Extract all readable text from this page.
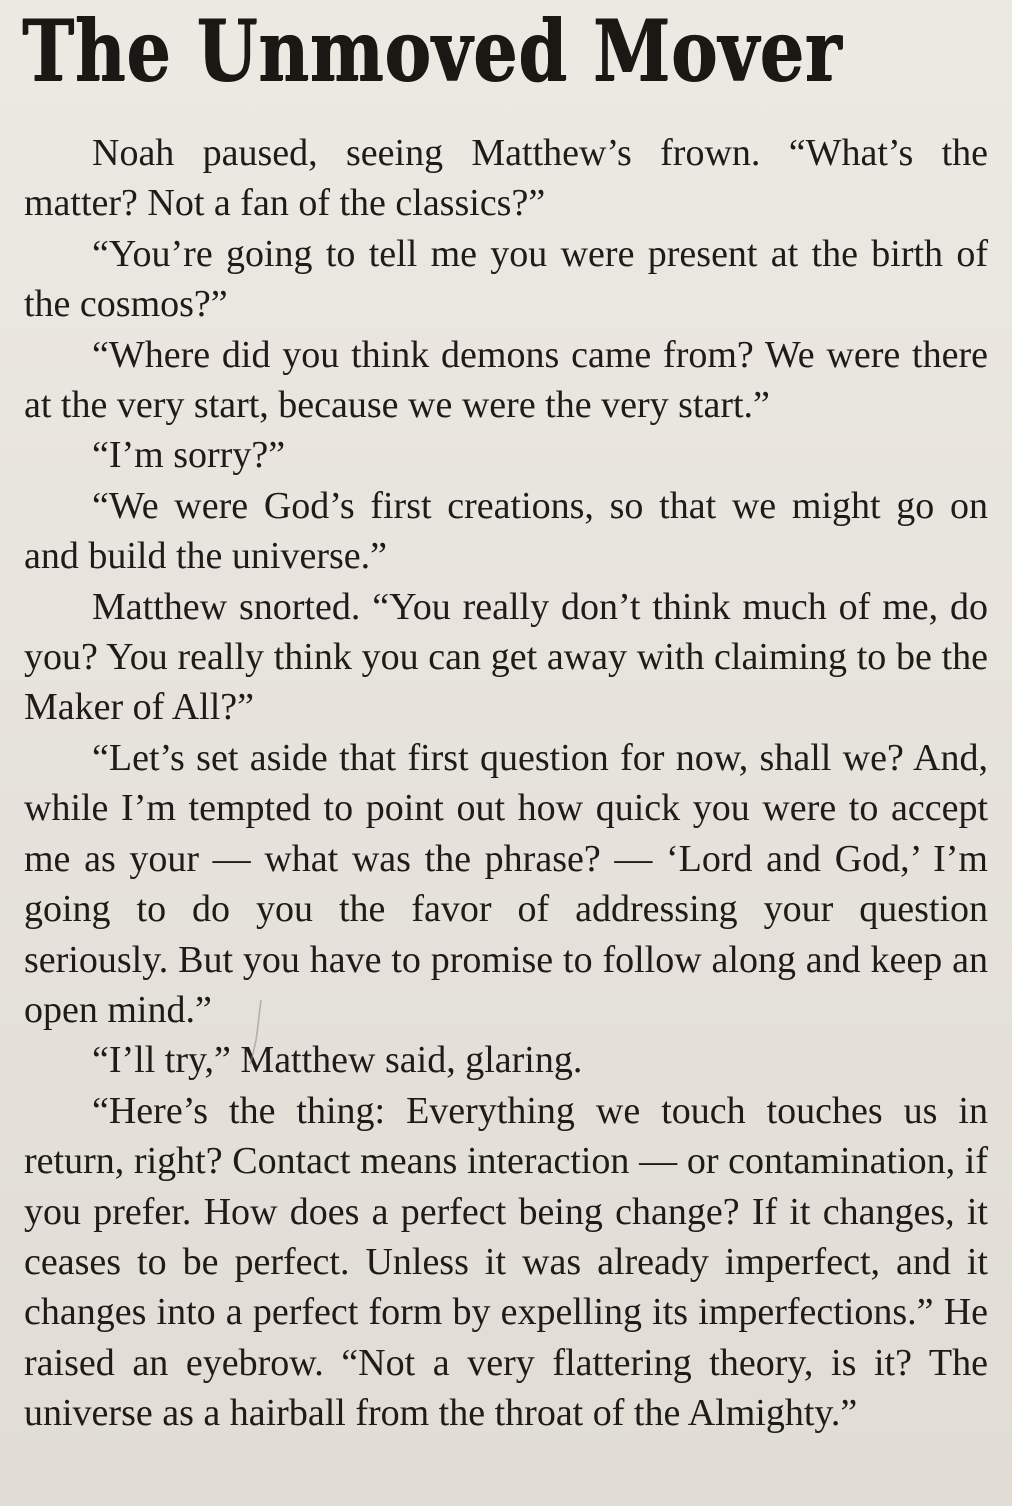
The Unmoved Mover

Noah paused, seeing Matthew’s frown. “What’s the matter? Not a fan of the classics?”

“You’re going to tell me you were present at the birth of the cosmos?”

“Where did you think demons came from? We were there at the very start, because we were the very start.”

“I’m sorry?”

“We were God’s first creations, so that we might go on and build the universe.”

Matthew snorted. “You really don’t think much of me, do you? You really think you can get away with claiming to be the Maker of All?”

“Let’s set aside that first question for now, shall we? And, while I’m tempted to point out how quick you were to accept me as your — what was the phrase? — ‘Lord and God,’ I’m going to do you the favor of addressing your question seriously. But you have to promise to follow along and keep an open mind.”

“I’ll try,” Matthew said, glaring.

“Here’s the thing: Everything we touch touches us in return, right? Contact means interaction — or contamination, if you prefer. How does a perfect being change? If it changes, it ceases to be perfect. Unless it was already imperfect, and it changes into a perfect form by expelling its imperfections.” He raised an eyebrow. “Not a very flattering theory, is it? The universe as a hairball from the throat of the Almighty.”
